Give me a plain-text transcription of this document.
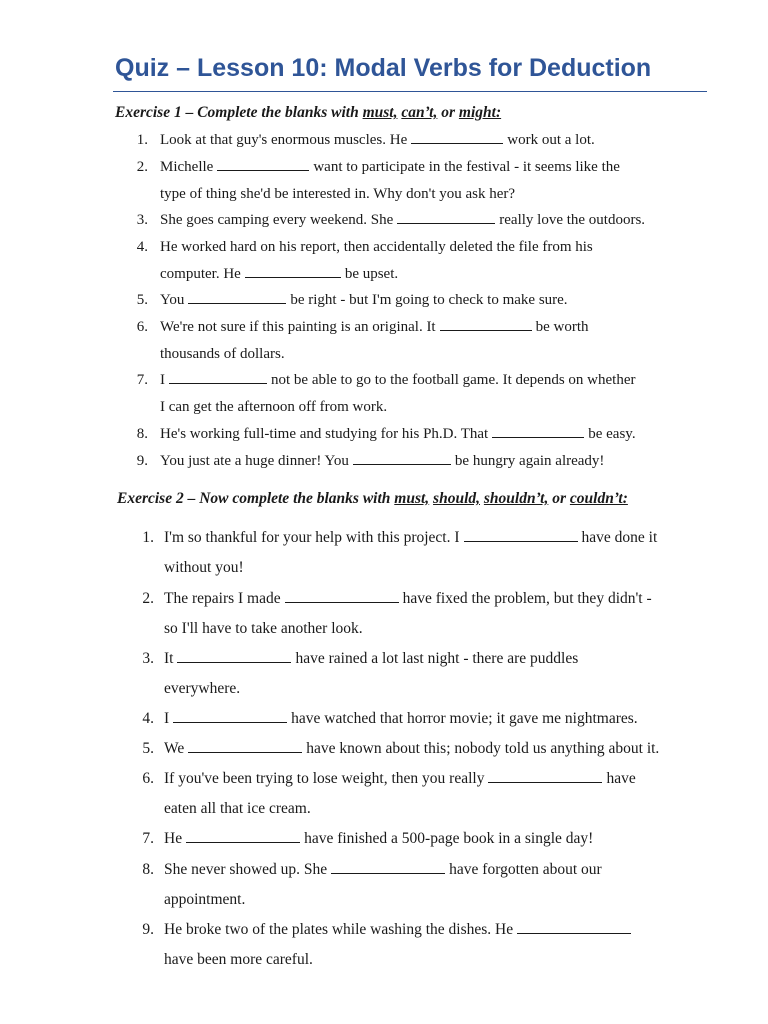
Quiz – Lesson 10: Modal Verbs for Deduction
Exercise 1 – Complete the blanks with must, can’t, or might:
1. Look at that guy's enormous muscles. He	work out a lot.
2. Michelle	want to participate in the festival - it seems like the
type of thing she'd be interested in. Why don't you ask her?
3. She goes camping every weekend. She	really love the outdoors.
4. He worked hard on his report, then accidentally deleted the file from his
computer. He	be upset.
5. You	be right - but I'm going to check to make sure.
6. We're not sure if this painting is an original. It	be worth
thousands of dollars.
7. I	not be able to go to the football game. It depends on whether
I can get the afternoon off from work.
8. He's working full-time and studying for his Ph.D. That	be easy.
9. You just ate a huge dinner! You	be hungry again already!
Exercise 2 – Now complete the blanks with must, should, shouldn’t, or couldn’t:
1. I'm so thankful for your help with this project. I	have done it
without you!
2. The repairs I made	have fixed the problem, but they didn't -
so I'll have to take another look.
3. It	have rained a lot last night - there are puddles
everywhere.
4. I	have watched that horror movie; it gave me nightmares.
5. We	have known about this; nobody told us anything about it.
6. If you've been trying to lose weight, then you really	have
eaten all that ice cream.
7. He	have finished a 500-page book in a single day!
8. She never showed up. She	have forgotten about our
appointment.
9. He broke two of the plates while washing the dishes. He
have been more careful.
